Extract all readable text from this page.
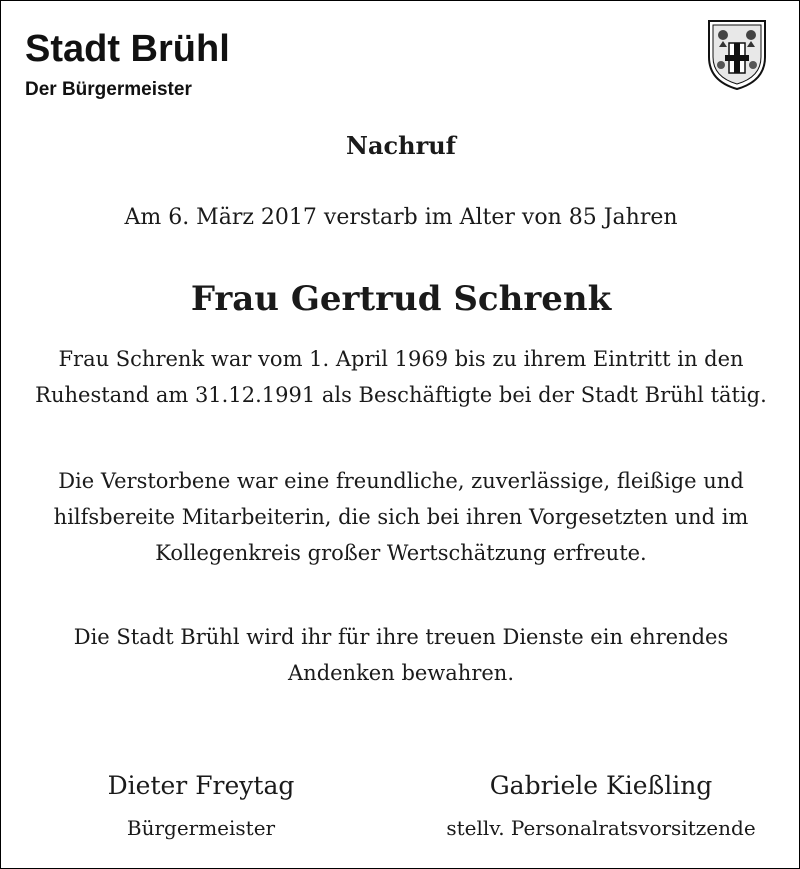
Stadt Brühl
Der Bürgermeister
Nachruf
Am 6. März 2017 verstarb im Alter von 85 Jahren
Frau Gertrud Schrenk
Frau Schrenk war vom 1. April 1969 bis zu ihrem Eintritt in den
Ruhestand am 31.12.1991 als Beschäftigte bei der Stadt Brühl tätig.
Die Verstorbene war eine freundliche, zuverlässige, fleißige und
hilfsbereite Mitarbeiterin, die sich bei ihren Vorgesetzten und im
Kollegenkreis großer Wertschätzung erfreute.
Die Stadt Brühl wird ihr für ihre treuen Dienste ein ehrendes
Andenken bewahren.
Dieter Freytag
Bürgermeister
Gabriele Kießling
stellv. Personalratsvorsitzende
